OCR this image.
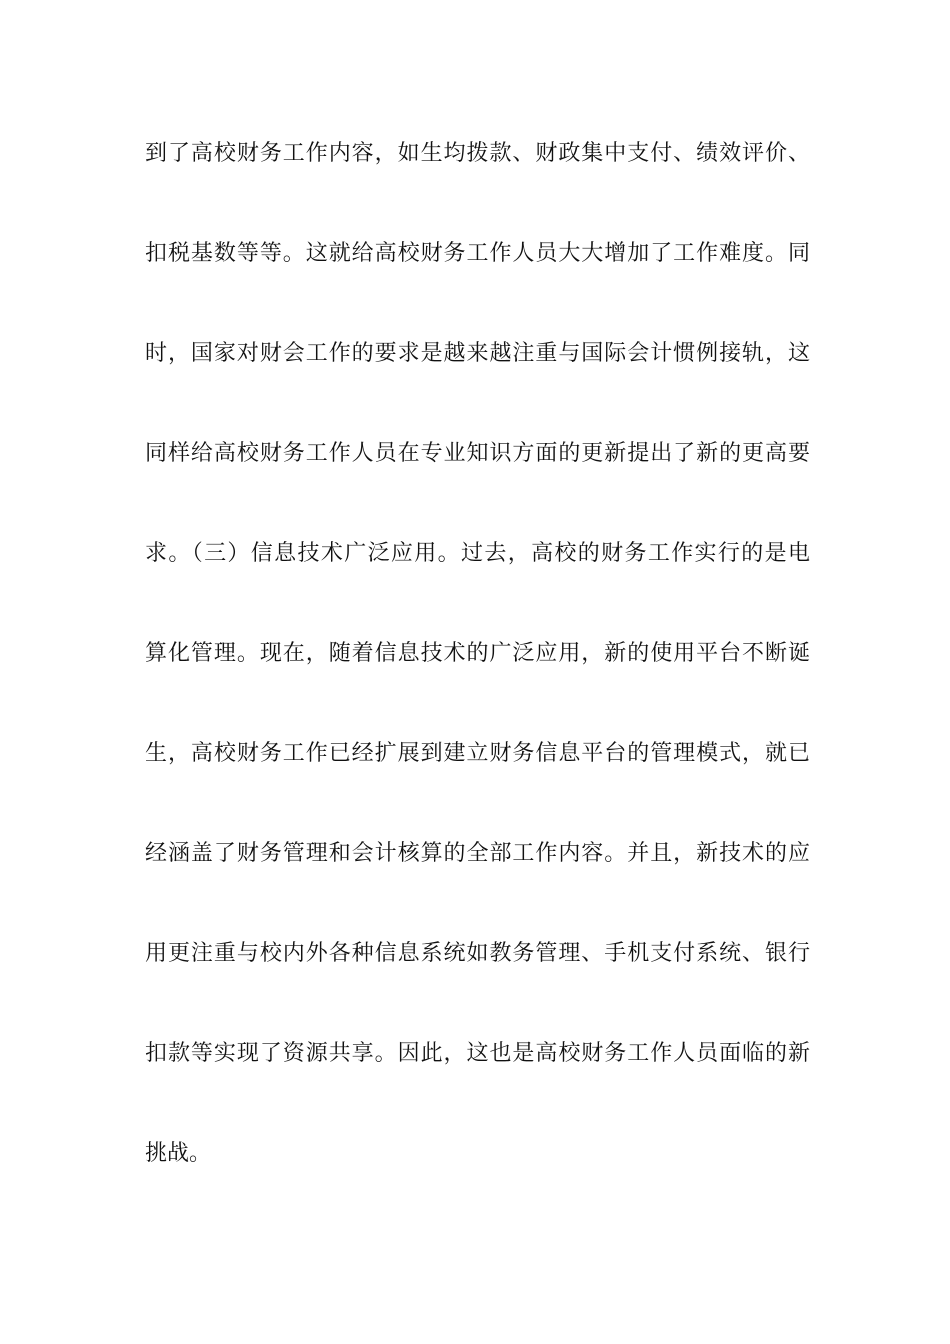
到了高校财务工作内容，如生均拨款、财政集中支付、绩效评价、
扣税基数等等。这就给高校财务工作人员大大增加了工作难度。同
时，国家对财会工作的要求是越来越注重与国际会计惯例接轨，这
同样给高校财务工作人员在专业知识方面的更新提出了新的更高要
求。（三）信息技术广泛应用。过去，高校的财务工作实行的是电
算化管理。现在，随着信息技术的广泛应用，新的使用平台不断诞
生，高校财务工作已经扩展到建立财务信息平台的管理模式，就已
经涵盖了财务管理和会计核算的全部工作内容。并且，新技术的应
用更注重与校内外各种信息系统如教务管理、手机支付系统、银行
扣款等实现了资源共享。因此，这也是高校财务工作人员面临的新
挑战。
